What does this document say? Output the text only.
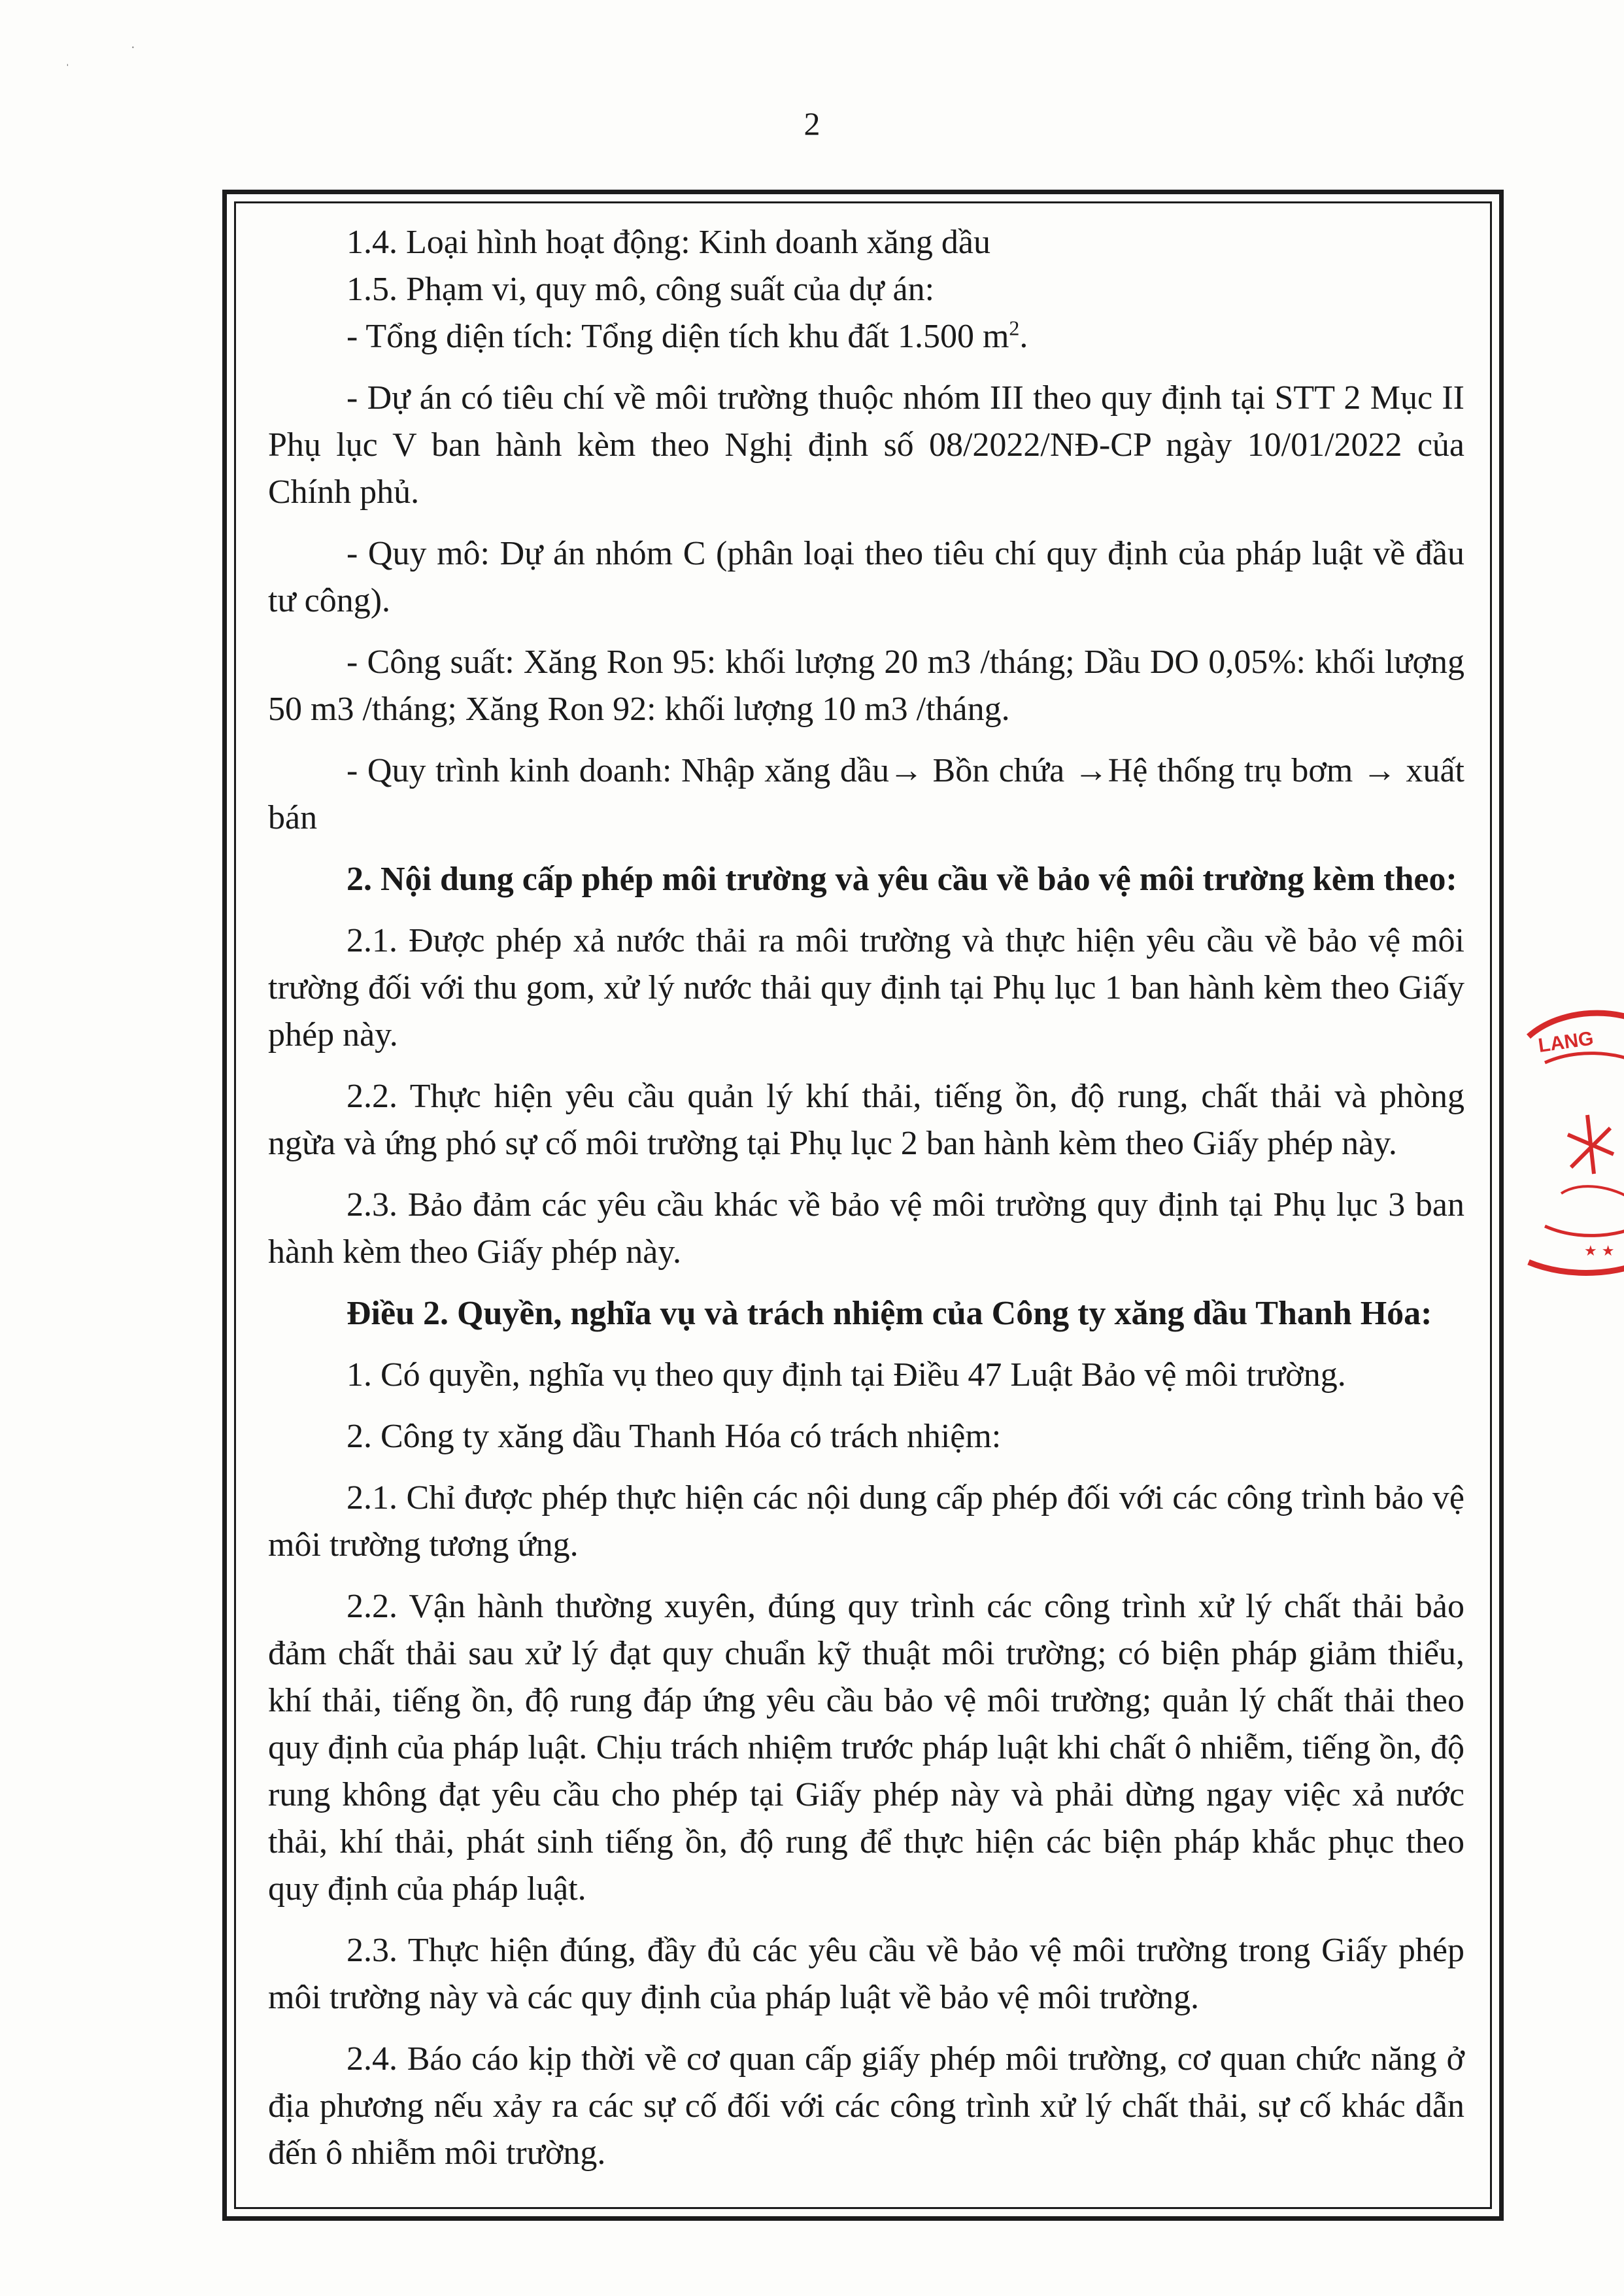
ˈ
·
2

1.4. Loại hình hoạt động: Kinh doanh xăng dầu

1.5. Phạm vi, quy mô, công suất của dự án:

- Tổng diện tích: Tổng diện tích khu đất 1.500 $m^2$.

- Dự án có tiêu chí về môi trường thuộc nhóm III theo quy định tại STT 2 Mục II Phụ lục V ban hành kèm theo Nghị định số 08/2022/NĐ-CP ngày 10/01/2022 của Chính phủ.

- Quy mô: Dự án nhóm C (phân loại theo tiêu chí quy định của pháp luật về đầu tư công).

- Công suất: Xăng Ron 95: khối lượng 20 m3 /tháng; Dầu DO 0,05%: khối lượng 50 m3 /tháng; Xăng Ron 92: khối lượng 10 m3 /tháng.

- Quy trình kinh doanh: Nhập xăng dầu→ Bồn chứa →Hệ thống trụ bơm → xuất bán

2. Nội dung cấp phép môi trường và yêu cầu về bảo vệ môi trường kèm theo:

2.1. Được phép xả nước thải ra môi trường và thực hiện yêu cầu về bảo vệ môi trường đối với thu gom, xử lý nước thải quy định tại Phụ lục 1 ban hành kèm theo Giấy phép này.

2.2. Thực hiện yêu cầu quản lý khí thải, tiếng ồn, độ rung, chất thải và phòng ngừa và ứng phó sự cố môi trường tại Phụ lục 2 ban hành kèm theo Giấy phép này.

2.3. Bảo đảm các yêu cầu khác về bảo vệ môi trường quy định tại Phụ lục 3 ban hành kèm theo Giấy phép này.

Điều 2. Quyền, nghĩa vụ và trách nhiệm của Công ty xăng dầu Thanh Hóa:

1. Có quyền, nghĩa vụ theo quy định tại Điều 47 Luật Bảo vệ môi trường.

2. Công ty xăng dầu Thanh Hóa có trách nhiệm:

2.1. Chỉ được phép thực hiện các nội dung cấp phép đối với các công trình bảo vệ môi trường tương ứng.

2.2. Vận hành thường xuyên, đúng quy trình các công trình xử lý chất thải bảo đảm chất thải sau xử lý đạt quy chuẩn kỹ thuật môi trường; có biện pháp giảm thiểu, khí thải, tiếng ồn, độ rung đáp ứng yêu cầu bảo vệ môi trường; quản lý chất thải theo quy định của pháp luật. Chịu trách nhiệm trước pháp luật khi chất ô nhiễm, tiếng ồn, độ rung không đạt yêu cầu cho phép tại Giấy phép này và phải dừng ngay việc xả nước thải, khí thải, phát sinh tiếng ồn, độ rung để thực hiện các biện pháp khắc phục theo quy định của pháp luật.

2.3. Thực hiện đúng, đầy đủ các yêu cầu về bảo vệ môi trường trong Giấy phép môi trường này và các quy định của pháp luật về bảo vệ môi trường.

2.4. Báo cáo kịp thời về cơ quan cấp giấy phép môi trường, cơ quan chức năng ở địa phương nếu xảy ra các sự cố đối với các công trình xử lý chất thải, sự cố khác dẫn đến ô nhiễm môi trường.

LANG
★ ★
